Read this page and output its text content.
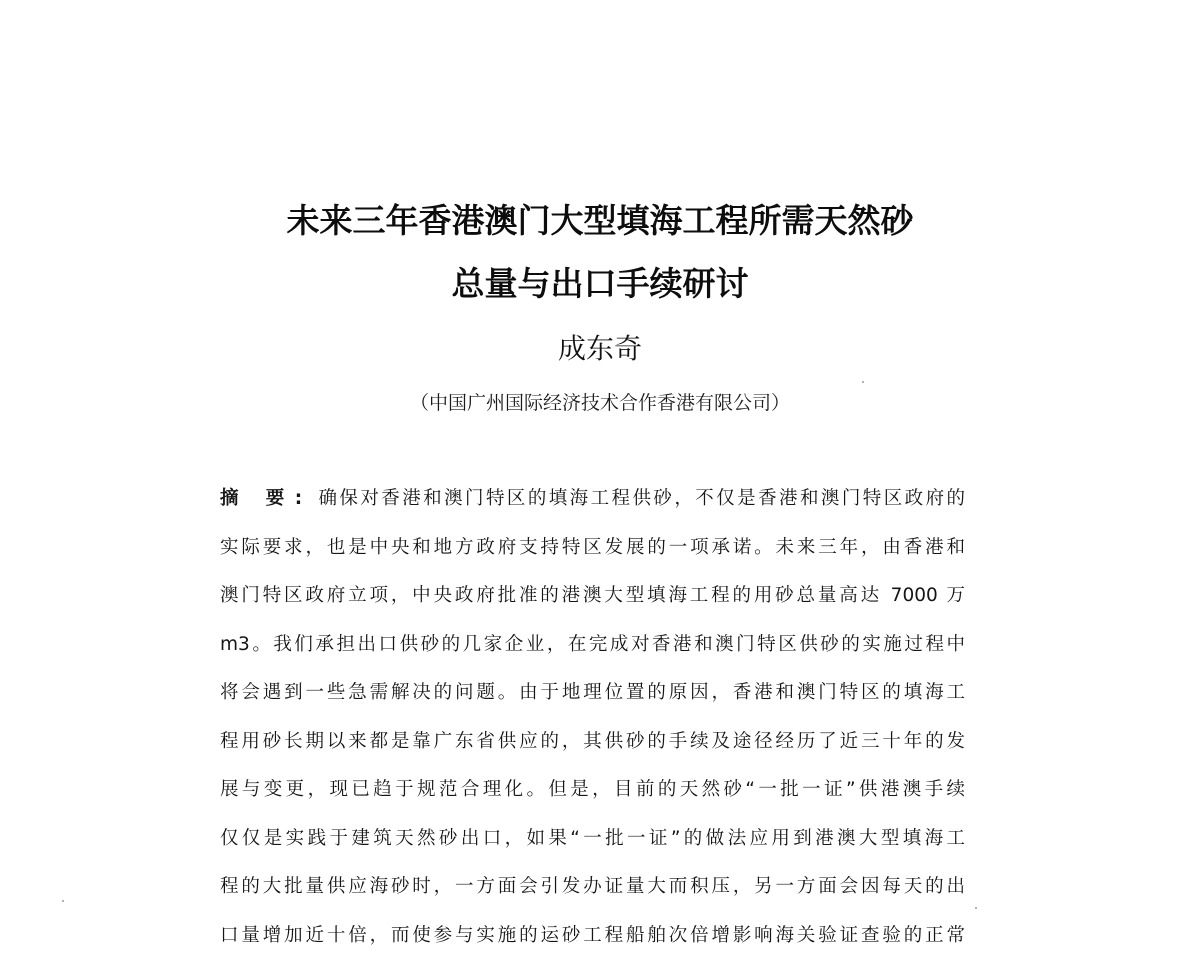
未来三年香港澳门大型填海工程所需天然砂
总量与出口手续研讨
成东奇
（中国广州国际经济技术合作香港有限公司）
摘 要: 确保对香港和澳门特区的填海工程供砂，不仅是香港和澳门特区政府的
实际要求，也是中央和地方政府支持特区发展的一项承诺。未来三年，由香港和
澳门特区政府立项，中央政府批准的港澳大型填海工程的用砂总量高达 7000 万
m3。我们承担出口供砂的几家企业，在完成对香港和澳门特区供砂的实施过程中
将会遇到一些急需解决的问题。由于地理位置的原因，香港和澳门特区的填海工
程用砂长期以来都是靠广东省供应的，其供砂的手续及途径经历了近三十年的发
展与变更，现已趋于规范合理化。但是，目前的天然砂“一批一证”供港澳手续
仅仅是实践于建筑天然砂出口，如果“一批一证”的做法应用到港澳大型填海工
程的大批量供应海砂时，一方面会引发办证量大而积压，另一方面会因每天的出
口量增加近十倍，而使参与实施的运砂工程船舶次倍增影响海关验证查验的正常
